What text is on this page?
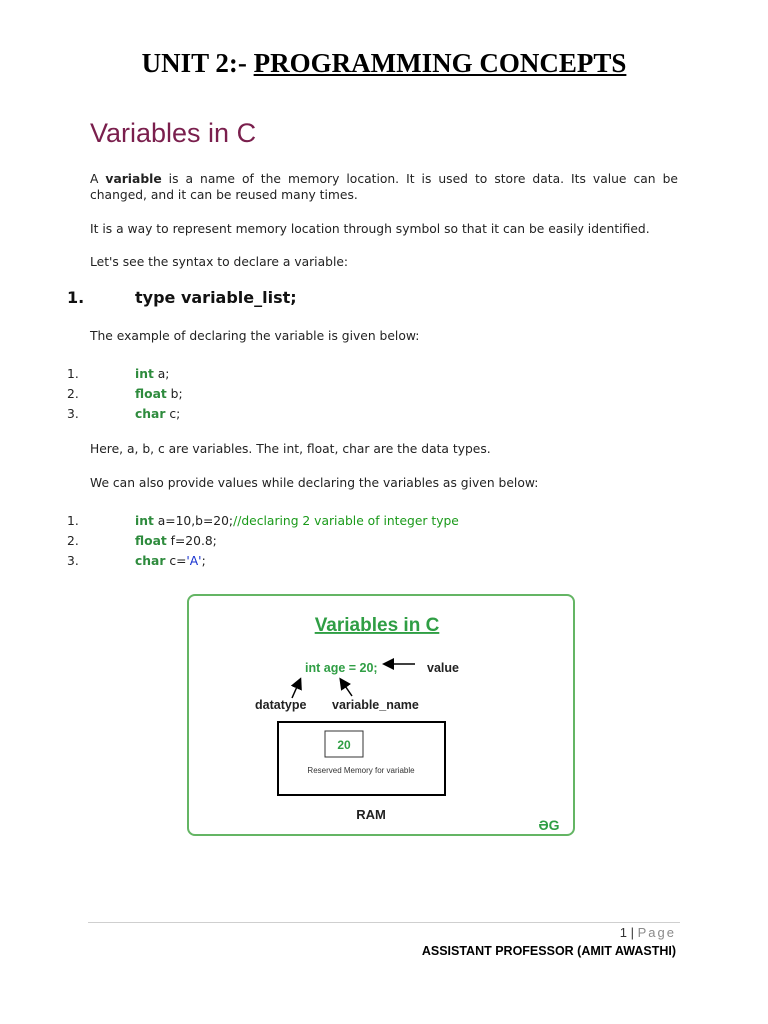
UNIT 2:- PROGRAMMING CONCEPTS
Variables in C
A variable is a name of the memory location. It is used to store data. Its value can be changed, and it can be reused many times.
It is a way to represent memory location through symbol so that it can be easily identified.
Let's see the syntax to declare a variable:
1.	type variable_list;
The example of declaring the variable is given below:
1.	int a;
2.	float b;
3.	char c;
Here, a, b, c are variables. The int, float, char are the data types.
We can also provide values while declaring the variables as given below:
1.	int a=10,b=20;//declaring 2 variable of integer type
2.	float f=20.8;
3.	char c='A';
Variables in C
int age = 20;	value
datatype variable_name
20
Reserved Memory for variable
RAM
ƏG
1 | Page
ASSISTANT PROFESSOR (AMIT AWASTHI)
